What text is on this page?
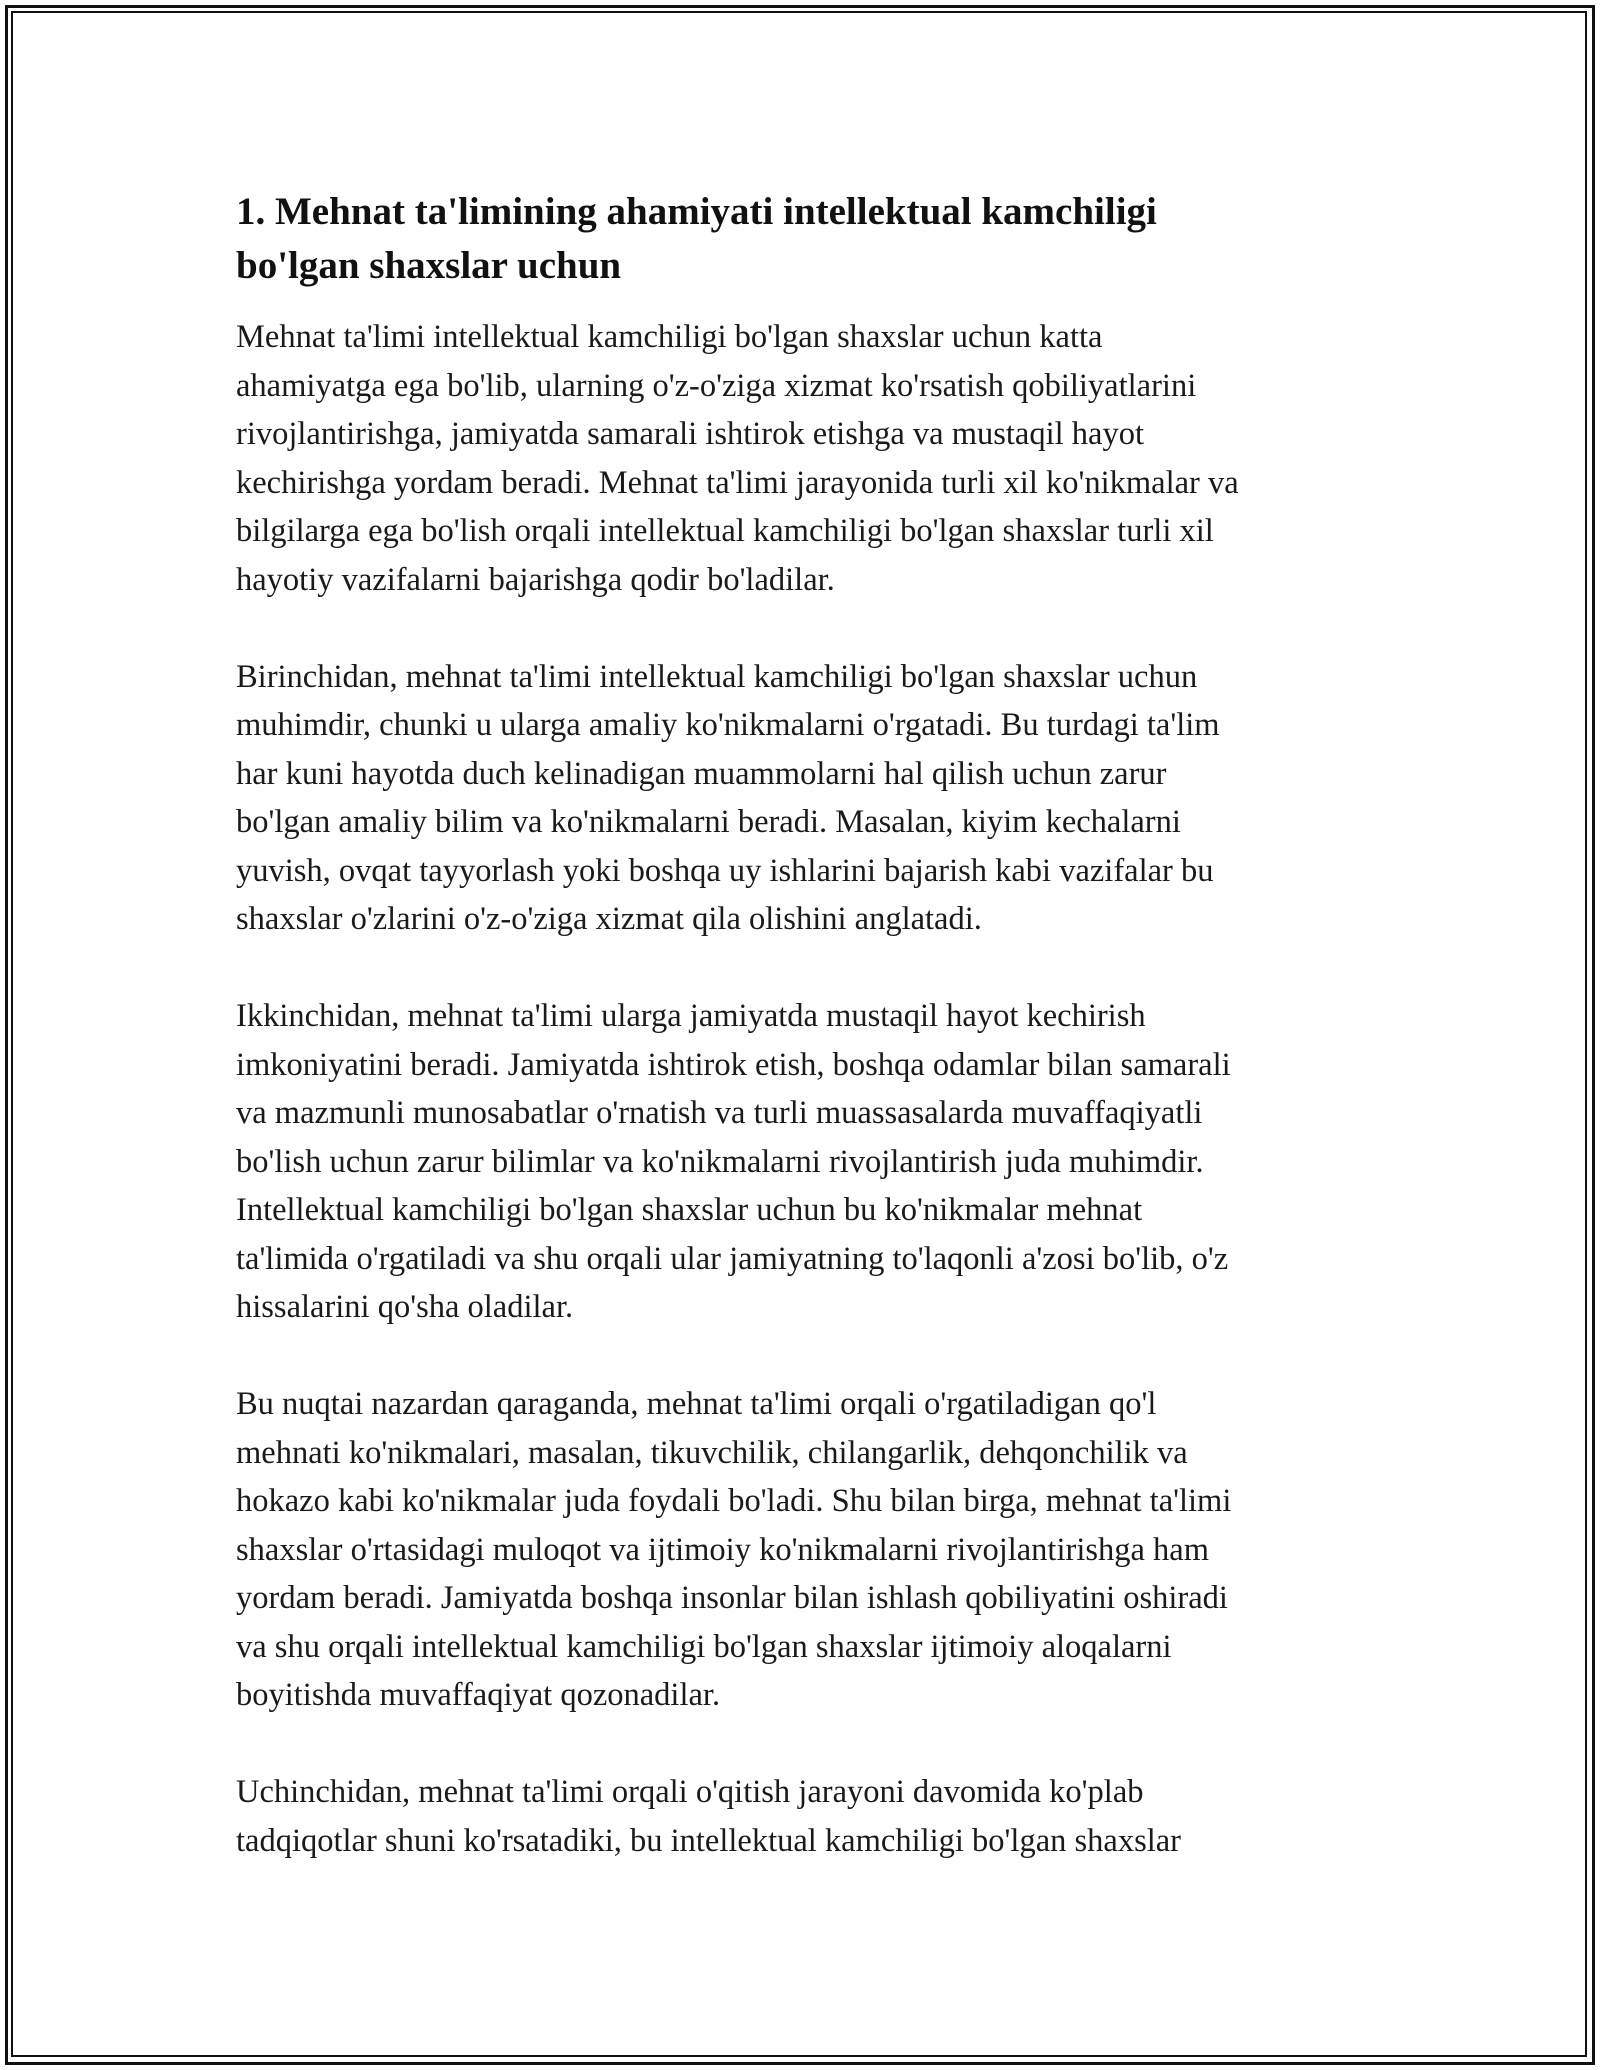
1. Mehnat ta'limining ahamiyati intellektual kamchiligi bo'lgan shaxslar uchun
Mehnat ta'limi intellektual kamchiligi bo'lgan shaxslar uchun katta
ahamiyatga ega bo'lib, ularning o'z-o'ziga xizmat ko'rsatish qobiliyatlarini
rivojlantirishga, jamiyatda samarali ishtirok etishga va mustaqil hayot
kechirishga yordam beradi. Mehnat ta'limi jarayonida turli xil ko'nikmalar va
bilgilarga ega bo'lish orqali intellektual kamchiligi bo'lgan shaxslar turli xil
hayotiy vazifalarni bajarishga qodir bo'ladilar.
Birinchidan, mehnat ta'limi intellektual kamchiligi bo'lgan shaxslar uchun
muhimdir, chunki u ularga amaliy ko'nikmalarni o'rgatadi. Bu turdagi ta'lim
har kuni hayotda duch kelinadigan muammolarni hal qilish uchun zarur
bo'lgan amaliy bilim va ko'nikmalarni beradi. Masalan, kiyim kechalarni
yuvish, ovqat tayyorlash yoki boshqa uy ishlarini bajarish kabi vazifalar bu
shaxslar o'zlarini o'z-o'ziga xizmat qila olishini anglatadi.
Ikkinchidan, mehnat ta'limi ularga jamiyatda mustaqil hayot kechirish
imkoniyatini beradi. Jamiyatda ishtirok etish, boshqa odamlar bilan samarali
va mazmunli munosabatlar o'rnatish va turli muassasalarda muvaffaqiyatli
bo'lish uchun zarur bilimlar va ko'nikmalarni rivojlantirish juda muhimdir.
Intellektual kamchiligi bo'lgan shaxslar uchun bu ko'nikmalar mehnat
ta'limida o'rgatiladi va shu orqali ular jamiyatning to'laqonli a'zosi bo'lib, o'z
hissalarini qo'sha oladilar.
Bu nuqtai nazardan qaraganda, mehnat ta'limi orqali o'rgatiladigan qo'l
mehnati ko'nikmalari, masalan, tikuvchilik, chilangarlik, dehqonchilik va
hokazo kabi ko'nikmalar juda foydali bo'ladi. Shu bilan birga, mehnat ta'limi
shaxslar o'rtasidagi muloqot va ijtimoiy ko'nikmalarni rivojlantirishga ham
yordam beradi. Jamiyatda boshqa insonlar bilan ishlash qobiliyatini oshiradi
va shu orqali intellektual kamchiligi bo'lgan shaxslar ijtimoiy aloqalarni
boyitishda muvaffaqiyat qozonadilar.
Uchinchidan, mehnat ta'limi orqali o'qitish jarayoni davomida ko'plab
tadqiqotlar shuni ko'rsatadiki, bu intellektual kamchiligi bo'lgan shaxslar
